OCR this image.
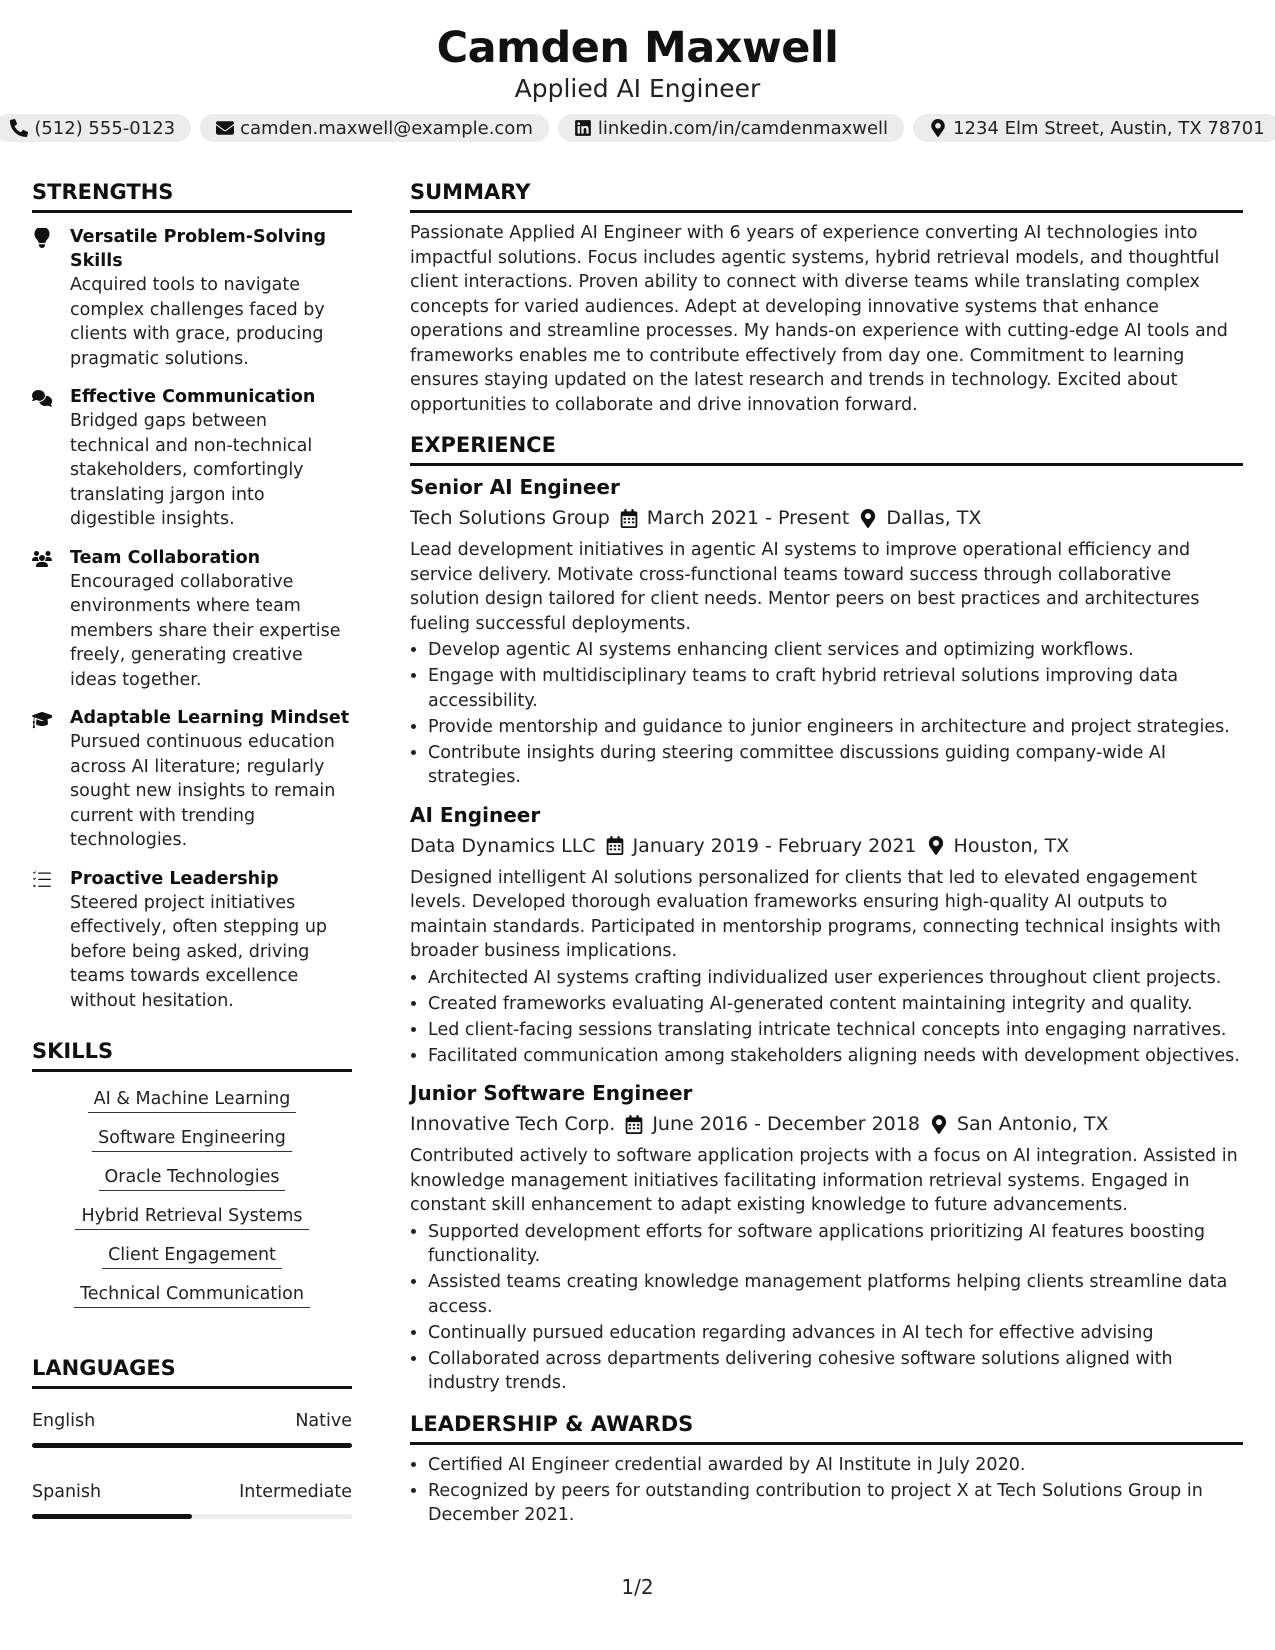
Camden Maxwell
Applied AI Engineer
(512) 555-0123	camden.maxwell@example.com	linkedin.com/in/camdenmaxwell	1234 Elm Street, Austin, TX 78701
STRENGTHS
Versatile Problem-Solving Skills
Acquired tools to navigate complex challenges faced by clients with grace, producing pragmatic solutions.
Effective Communication
Bridged gaps between technical and non-technical stakeholders, comfortingly translating jargon into digestible insights.
Team Collaboration
Encouraged collaborative environments where team members share their expertise freely, generating creative ideas together.
Adaptable Learning Mindset
Pursued continuous education across AI literature; regularly sought new insights to remain current with trending technologies.
Proactive Leadership
Steered project initiatives effectively, often stepping up before being asked, driving teams towards excellence without hesitation.
SKILLS
AI & Machine Learning
Software Engineering
Oracle Technologies
Hybrid Retrieval Systems
Client Engagement
Technical Communication
LANGUAGES
English	Native
Spanish	Intermediate
SUMMARY
Passionate Applied AI Engineer with 6 years of experience converting AI technologies into impactful solutions. Focus includes agentic systems, hybrid retrieval models, and thoughtful client interactions. Proven ability to connect with diverse teams while translating complex concepts for varied audiences. Adept at developing innovative systems that enhance operations and streamline processes. My hands-on experience with cutting-edge AI tools and frameworks enables me to contribute effectively from day one. Commitment to learning ensures staying updated on the latest research and trends in technology. Excited about opportunities to collaborate and drive innovation forward.
EXPERIENCE
Senior AI Engineer
Tech Solutions Group March 2021 - Present Dallas, TX
Lead development initiatives in agentic AI systems to improve operational efficiency and service delivery. Motivate cross-functional teams toward success through collaborative solution design tailored for client needs. Mentor peers on best practices and architectures fueling successful deployments.
• Develop agentic AI systems enhancing client services and optimizing workflows.
• Engage with multidisciplinary teams to craft hybrid retrieval solutions improving data accessibility.
• Provide mentorship and guidance to junior engineers in architecture and project strategies.
• Contribute insights during steering committee discussions guiding company-wide AI strategies.
AI Engineer
Data Dynamics LLC January 2019 - February 2021 Houston, TX
Designed intelligent AI solutions personalized for clients that led to elevated engagement levels. Developed thorough evaluation frameworks ensuring high-quality AI outputs to maintain standards. Participated in mentorship programs, connecting technical insights with broader business implications.
• Architected AI systems crafting individualized user experiences throughout client projects.
• Created frameworks evaluating AI-generated content maintaining integrity and quality.
• Led client-facing sessions translating intricate technical concepts into engaging narratives.
• Facilitated communication among stakeholders aligning needs with development objectives.
Junior Software Engineer
Innovative Tech Corp. June 2016 - December 2018 San Antonio, TX
Contributed actively to software application projects with a focus on AI integration. Assisted in knowledge management initiatives facilitating information retrieval systems. Engaged in constant skill enhancement to adapt existing knowledge to future advancements.
• Supported development efforts for software applications prioritizing AI features boosting functionality.
• Assisted teams creating knowledge management platforms helping clients streamline data access.
• Continually pursued education regarding advances in AI tech for effective advising
• Collaborated across departments delivering cohesive software solutions aligned with industry trends.
LEADERSHIP & AWARDS
• Certified AI Engineer credential awarded by AI Institute in July 2020.
• Recognized by peers for outstanding contribution to project X at Tech Solutions Group in December 2021.
1/2
